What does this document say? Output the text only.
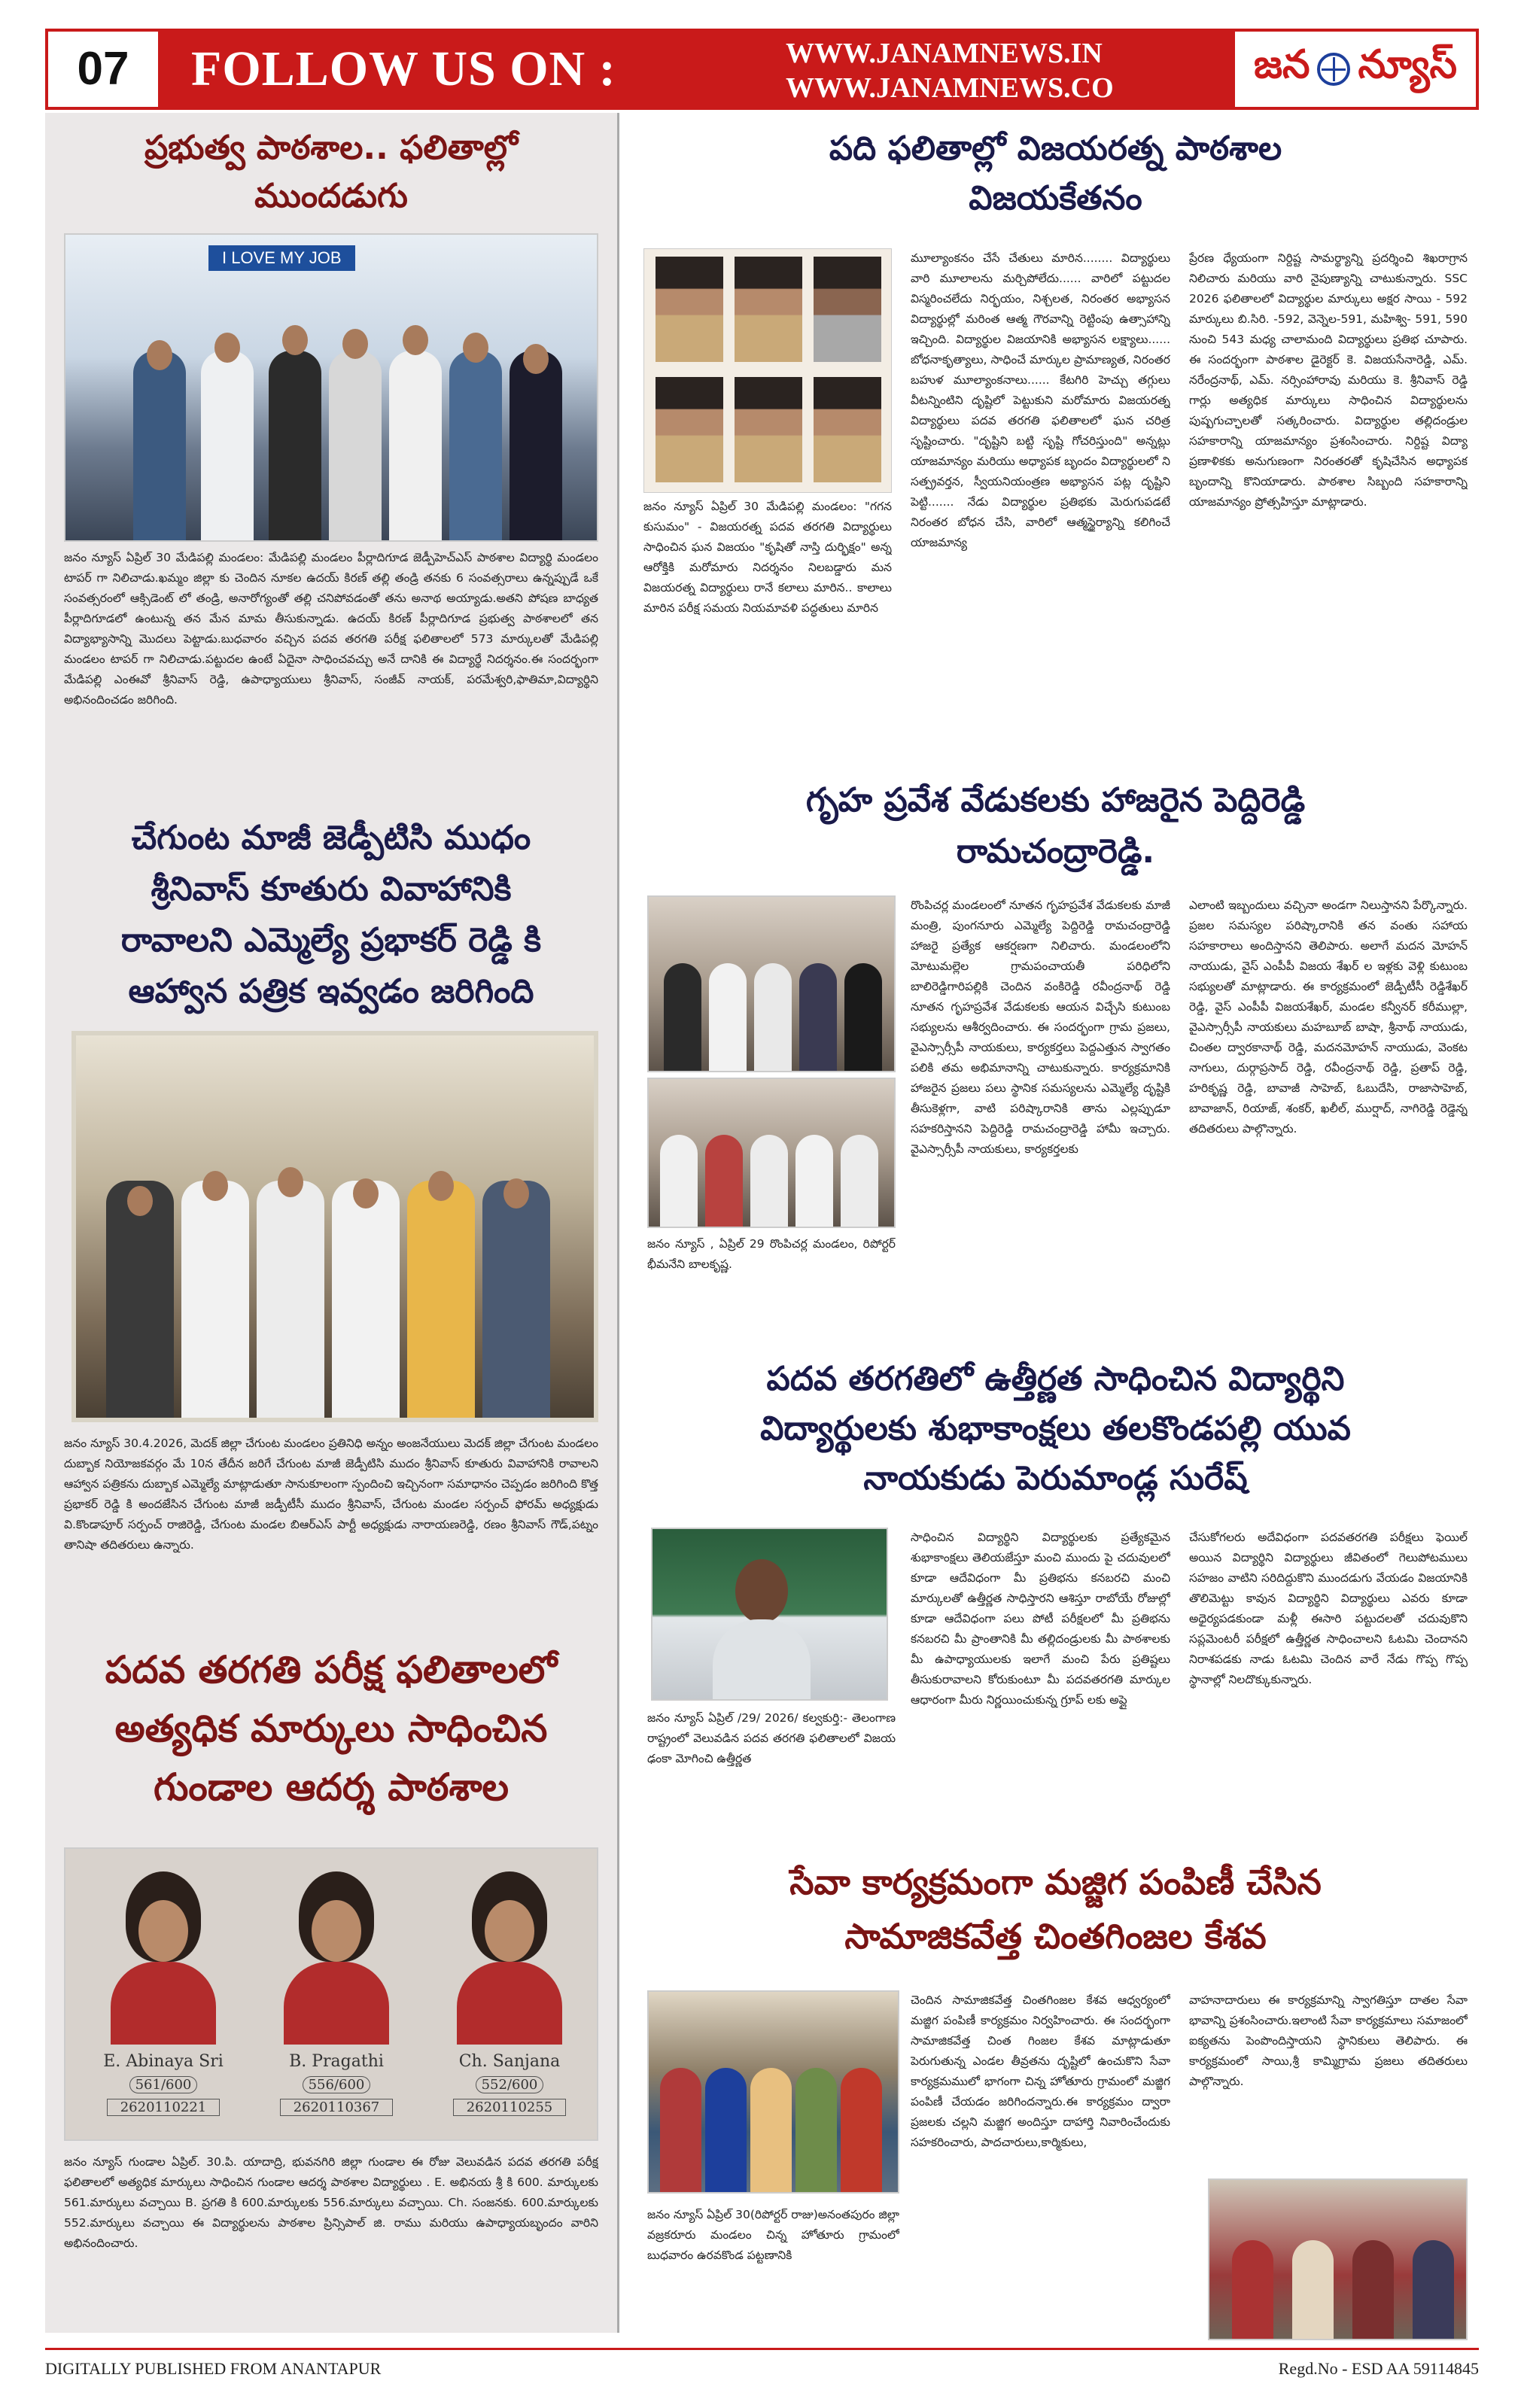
07	FOLLOW US ON :	WWW.JANAMNEWS.IN
WWW.JANAMNEWS.CO
జన న్యూస్
ప్రభుత్వ పాఠశాల.. ఫలితాల్లో
ముందడుగు
I LOVE MY JOB
జనం న్యూస్ ఏప్రిల్ 30 మేడిపల్లి మండలం: మేడిపల్లి మండలం పీర్లాదిగూడ జెడ్పీహెచ్ఎస్ పాఠశాల విద్యార్థి మండలం టాపర్ గా నిలిచాడు.ఖమ్మం జిల్లా కు చెందిన నూకల ఉదయ్ కిరణ్ తల్లి తండ్రి తనకు 6 సంవత్సరాలు ఉన్నప్పుడే ఒకే సంవత్సరంలో ఆక్సిడెంట్ లో తండ్రి, అనారోగ్యంతో తల్లి చనిపోవడంతో తను అనాథ అయ్యాడు.అతని పోషణ బాధ్యత పీర్లాదిగూడలో ఉంటున్న తన మేన మామ తీసుకున్నాడు. ఉదయ్ కిరణ్ పీర్లాదిగూడ ప్రభుత్వ పాఠశాలలో తన విద్యాభ్యాసాన్ని మొదలు పెట్టాడు.బుధవారం వచ్చిన పదవ తరగతి పరీక్ష ఫలితాలలో 573 మార్కులతో మేడిపల్లి మండలం టాపర్ గా నిలిచాడు.పట్టుదల ఉంటే ఏదైనా సాధించవచ్చు అనే దానికి ఈ విద్యార్థే నిదర్శనం.ఈ సందర్భంగా మేడిపల్లి ఎంఈవో శ్రీనివాస్ రెడ్డి, ఉపాధ్యాయులు శ్రీనివాస్, సంజీవ్ నాయక్, పరమేశ్వరి,ఫాతిమా,విద్యార్థిని అభినందించడం జరిగింది.
చేగుంట మాజీ జెడ్పీటిసి ముధం
శ్రీనివాస్ కూతురు వివాహానికి
రావాలని ఎమ్మెల్యే ప్రభాకర్ రెడ్డి కి
ఆహ్వాన పత్రిక ఇవ్వడం జరిగింది
జనం న్యూస్ 30.4.2026, మెదక్ జిల్లా చేగుంట మండలం ప్రతినిధి అన్నం అంజనేయులు మెదక్ జిల్లా చేగుంట మండలం దుబ్బాక నియోజకవర్గం మే 10న తేదీన జరిగే చేగుంట మాజీ జెడ్పీటిసి ముదం శ్రీనివాస్ కూతురు వివాహానికి రావాలని ఆహ్వాన పత్రికను దుబ్బాక ఎమ్మెల్యే మాట్లాడుతూ సానుకూలంగా స్పందించి ఇచ్చినంగా సమాధానం చెప్పడం జరిగింది కొత్త ప్రభాకర్ రెడ్డి కి అందజేసిన చేగుంట మాజీ జడ్పీటీసీ ముదం శ్రీనివాస్, చేగుంట మండల సర్పంచ్ ఫోరమ్ అధ్యక్షుడు వి.కొండాపూర్ సర్పంచ్ రాజిరెడ్డి, చేగుంట మండల బిఆర్ఎస్ పార్టీ అధ్యక్షుడు నారాయణరెడ్డి, రణం శ్రీనివాస్ గౌడ్,పట్నం తానిషా తదితరులు ఉన్నారు.
పదవ తరగతి పరీక్ష ఫలితాలలో
అత్యధిక మార్కులు సాధించిన
గుండాల ఆదర్శ పాఠశాల
E. Abinaya Sri
561/600
2620110221
B. Pragathi
556/600
2620110367
Ch. Sanjana
552/600
2620110255
జనం న్యూస్ గుండాల ఏప్రిల్. 30.పి. యాదాద్రి, భువనగిరి జిల్లా గుండాల ఈ రోజు వెలువడిన పదవ తరగతి పరీక్ష ఫలితాలలో అత్యధిక మార్కులు సాధించిన గుండాల ఆదర్శ పాఠశాల విద్యార్థులు . E. అభినయ శ్రీ కి 600. మార్కులకు 561.మార్కులు వచ్చాయి B. ప్రగతి కి 600.మార్కులకు 556.మార్కులు వచ్చాయి. Ch. సంజనకు. 600.మార్కులకు 552.మార్కులు వచ్చాయి ఈ విద్యార్థులను పాఠశాల ప్రిన్సిపాల్ జి. రాము మరియు ఉపాధ్యాయబృందం వారిని అభినందించారు.
పది ఫలితాల్లో విజయరత్న పాఠశాల
విజయకేతనం
జనం న్యూస్ ఏప్రిల్ 30 మేడిపల్లి మండలం: "గగన కుసుమం" - విజయరత్న పదవ తరగతి విద్యార్థులు సాధించిన ఘన విజయం "కృషితో నాస్తి దుర్భిక్షం" అన్న ఆరోక్తికి మరోమారు నిదర్శనం నిలబడ్డారు మన విజయరత్న విద్యార్థులు రానే కలాలు మారిన.. కాలాలు మారిన పరీక్ష సమయ నియమావళి పద్ధతులు మారిన
మూల్యాంకనం చేసే చేతులు మారిన........ విద్యార్థులు వారి మూలాలను మర్చిపోలేదు...... వారిలో పట్టుదల విస్మరించలేదు నిర్భయం, నిశ్చలత, నిరంతర అభ్యాసన విద్యార్థుల్లో మరింత ఆత్మ గౌరవాన్ని రెట్టింపు ఉత్సాహాన్ని ఇచ్చింది. విద్యార్థుల విజయానికి అభ్యాసన లక్ష్యాలు...... బోధనాకృత్యాలు, సాధించే మార్కుల ప్రామాణ్యత, నిరంతర బహుళ మూల్యాంకనాలు...... కేటగిరి హెచ్చు తగ్గులు వీటన్నింటిని దృష్టిలో పెట్టుకుని మరోమారు విజయరత్న విద్యార్థులు పదవ తరగతి ఫలితాలలో ఘన చరిత్ర సృష్టించారు. "దృష్టిని బట్టి సృష్టి గోచరిస్తుంది" అన్నట్లు యాజమాన్యం మరియు అధ్యాపక బృందం విద్యార్థులలో ని సత్ప్రవర్తన, స్వీయనియంత్రణ అభ్యాసన పట్ల దృష్టిని పెట్టి....... నేడు విద్యార్థుల ప్రతిభకు మెరుగుపడటే నిరంతర బోధన చేసి, వారిలో ఆత్మస్థైర్యాన్ని కలిగించే యాజమాన్య
ప్రేరణ ధ్యేయంగా నిర్దిష్ట సామర్థ్యాన్ని ప్రదర్శించి శిఖరాగ్రాన నిలిచారు మరియు వారి నైపుణ్యాన్ని చాటుకున్నారు. SSC 2026 ఫలితాలలో విద్యార్థుల మార్కులు అక్షర సాయి - 592 మార్కులు బి.సిరి. -592, వెన్నెల-591, మహిశ్వి- 591, 590 నుంచి 543 మధ్య చాలామంది విద్యార్థులు ప్రతిభ చూపారు. ఈ సందర్భంగా పాఠశాల డైరెక్టర్ కె. విజయసేనారెడ్డి, ఎమ్. నరేంద్రనాథ్, ఎమ్. నర్సింహారావు మరియు కె. శ్రీనివాస్ రెడ్డి గార్లు అత్యధిక మార్కులు సాధించిన విద్యార్థులను పుష్పగుచ్ఛాలతో సత్కరించారు. విద్యార్థుల తల్లిదండ్రుల సహకారాన్ని యాజమాన్యం ప్రశంసించారు. నిర్దిష్ట విద్యా ప్రణాళికకు అనుగుణంగా నిరంతరతో కృషిచేసిన అధ్యాపక బృందాన్ని కొనియాడారు. పాఠశాల సిబ్బంది సహకారాన్ని యాజమాన్యం ప్రోత్సహిస్తూ మాట్లాడారు.
గృహ ప్రవేశ వేడుకలకు హాజరైన పెద్దిరెడ్డి
రామచంద్రారెడ్డి.
జనం న్యూస్ , ఏప్రిల్ 29 రొంపిచర్ల మండలం, రిపోర్టర్ భీమనేని బాలకృష్ణ.
రొంపిచర్ల మండలంలో నూతన గృహప్రవేశ వేడుకలకు మాజీ మంత్రి, పుంగనూరు ఎమ్మెల్యే పెద్దిరెడ్డి రామచంద్రారెడ్డి హాజరై ప్రత్యేక ఆకర్షణగా నిలిచారు. మండలంలోని మోటుమల్లెల గ్రామపంచాయతీ పరిధిలోని బాలిరెడ్డిగారిపల్లికి చెందిన వంకిరెడ్డి రవీంద్రనాథ్ రెడ్డి నూతన గృహప్రవేశ వేడుకలకు ఆయన విచ్చేసి కుటుంబ సభ్యులను ఆశీర్వదించారు. ఈ సందర్భంగా గ్రామ ప్రజలు, వైఎస్సార్సీపీ నాయకులు, కార్యకర్తలు పెద్దఎత్తున స్వాగతం పలికి తమ అభిమానాన్ని చాటుకున్నారు. కార్యక్రమానికి హాజరైన ప్రజలు పలు స్థానిక సమస్యలను ఎమ్మెల్యే దృష్టికి తీసుకెళ్లగా, వాటి పరిష్కారానికి తాను ఎల్లప్పుడూ సహకరిస్తానని పెద్దిరెడ్డి రామచంద్రారెడ్డి హామీ ఇచ్చారు. వైఎస్సార్సీపీ నాయకులు, కార్యకర్తలకు
ఎలాంటి ఇబ్బందులు వచ్చినా అండగా నిలుస్తానని పేర్కొన్నారు. ప్రజల సమస్యల పరిష్కారానికి తన వంతు సహాయ సహకారాలు అందిస్తానని తెలిపారు. అలాగే మదన మోహన్ నాయుడు, వైస్ ఎంపీపీ విజయ శేఖర్ ల ఇళ్లకు వెళ్లి కుటుంబ సభ్యులతో మాట్లాడారు. ఈ కార్యక్రమంలో జెడ్పీటీసీ రెడ్డిశేఖర్ రెడ్డి, వైస్ ఎంపీపీ విజయశేఖర్, మండల కన్వీనర్ కరీముల్లా, వైఎస్సార్సీపీ నాయకులు మహబూబ్ బాషా, శ్రీనాథ్ నాయుడు, చింతల ద్వారకానాథ్ రెడ్డి, మదనమోహన్ నాయుడు, వెంకట నాగులు, దుర్గాప్రసాద్ రెడ్డి, రవీంద్రనాథ్ రెడ్డి, ప్రతాప్ రెడ్డి, హరికృష్ణ రెడ్డి, బావాజీ సాహెబ్, ఓబుదేసి, రాజాసాహెబ్, బావాజాన్, రియాజ్, శంకర్, ఖలీల్, ముర్షాద్, నాగిరెడ్డి రెడ్డెన్న తదితరులు పాల్గొన్నారు.
పదవ తరగతిలో ఉత్తీర్ణత సాధించిన విద్యార్థిని
విద్యార్థులకు శుభాకాంక్షలు తలకొండపల్లి యువ
నాయకుడు పెరుమాండ్ల సురేష్
జనం న్యూస్ ఏప్రిల్ /29/ 2026/ కల్వకుర్తి:- తెలంగాణ రాష్ట్రంలో వెలువడిన పదవ తరగతి ఫలితాలలో విజయ ఢంకా మోగించి ఉత్తీర్ణత
సాధించిన విద్యార్థిని విద్యార్థులకు ప్రత్యేకమైన శుభాకాంక్షలు తెలియజేస్తూ మంచి ముందు పై చదువులలో కూడా ఆదేవిధంగా మీ ప్రతిభను కనబరచి మంచి మార్కులతో ఉత్తీర్ణత సాధిస్తారని ఆశిస్తూ రాబోయే రోజుల్లో కూడా ఆదేవిధంగా పలు పోటీ పరీక్షలలో మీ ప్రతిభను కనబరచి మీ ప్రాంతానికి మీ తల్లిదండ్రులకు మీ పాఠశాలకు మీ ఉపాధ్యాయులకు ఇలాగే మంచి పేరు ప్రతిష్టలు తీసుకురావాలని కోరుకుంటూ మీ పదవతరగతి మార్కుల ఆధారంగా మీరు నిర్ణయించుకున్న గ్రూప్ లకు అప్లై
చేసుకోగలరు అదేవిధంగా పదవతరగతి పరీక్షలు ఫెయిల్ అయిన విద్యార్థిని విద్యార్థులు జీవితంలో గెలుపోటములు సహజం వాటిని సరిదిద్దుకొని ముందడుగు వేయడం విజయానికి తొలిమెట్టు కావున విద్యార్థిని విద్యార్థులు ఎవరు కూడా అధైర్యపడకుండా మళ్లీ ఈసారి పట్టుదలతో చదువుకొని సప్లమెంటరీ పరీక్షలో ఉత్తీర్ణత సాధించాలని ఓటమి చెందానని నిరాశపడకు నాడు ఓటమి చెందిన వారే నేడు గొప్ప గొప్ప స్థానాల్లో నిలదొక్కుకున్నారు.
సేవా కార్యక్రమంగా మజ్జిగ పంపిణీ చేసిన
సామాజికవేత్త చింతగింజల కేశవ
జనం న్యూస్ ఏప్రిల్ 30(రిపోర్టర్ రాజు)అనంతపురం జిల్లా వజ్రకరూరు మండలం చిన్న హోతూరు గ్రామంలో బుధవారం ఉరవకొండ పట్టణానికి
చెందిన సామాజికవేత్త చింతగింజల కేశవ ఆధ్వర్యంలో మజ్జిగ పంపిణీ కార్యక్రమం నిర్వహించారు. ఈ సందర్భంగా సామాజికవేత్త చింత గింజల కేశవ మాట్లాడుతూ పెరుగుతున్న ఎండల తీవ్రతను దృష్టిలో ఉంచుకొని సేవా కార్యక్రమములో భాగంగా చిన్న హోతూరు గ్రామంలో మజ్జిగ పంపిణీ చేయడం జరిగిందన్నారు.ఈ కార్యక్రమం ద్వారా ప్రజలకు చల్లని మజ్జిగ అందిస్తూ దాహార్తి నివారించేందుకు సహకరించారు, పాదచారులు,కార్మికులు,
వాహనాదారులు ఈ కార్యక్రమాన్ని స్వాగతిస్తూ దాతల సేవా భావాన్ని ప్రశంసించారు.ఇలాంటి సేవా కార్యక్రమాలు సమాజంలో ఐక్యతను పెంపొందిస్తాయని స్థానికులు తెలిపారు. ఈ కార్యక్రమంలో సాయి,శ్రీ కామ్మిగ్రామ ప్రజలు తదితరులు పాల్గొన్నారు.
DIGITALLY PUBLISHED FROM ANANTAPUR	Regd.No - ESD AA 59114845
